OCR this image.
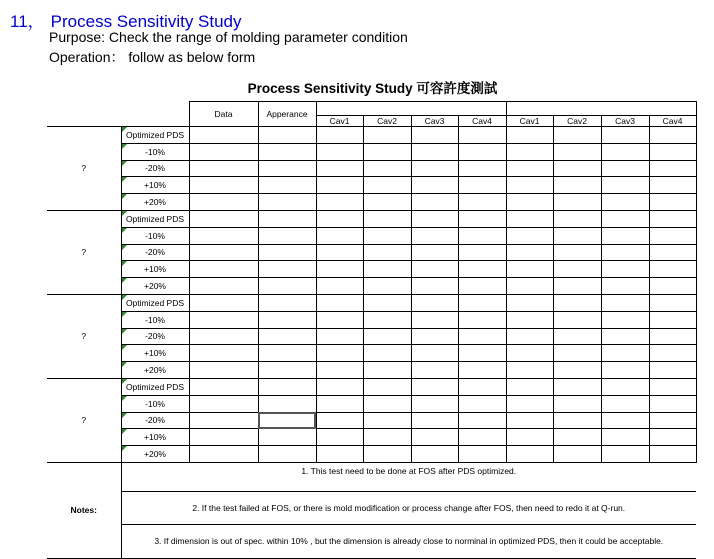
11， Process Sensitivity Study
Purpose: Check the range of molding parameter condition
Operation： follow as below form
Process Sensitivity Study 可容許度測試
		Data	Apperance								
				Cav1	Cav2	Cav3	Cav4	Cav1	Cav2	Cav3	Cav4
?	Optimized PDS										
	-10%										
	-20%										
	+10%										
	+20%										
?	Optimized PDS										
	-10%										
	-20%										
	+10%										
	+20%										
?	Optimized PDS										
	-10%										
	-20%										
	+10%										
	+20%										
?	Optimized PDS										
	-10%										
	-20%										
	+10%										
	+20%										
Notes:	1. This test need to be done at FOS after PDS optimized.										
	2. If the test failed at FOS, or there is mold modification or process change after FOS, then need to redo it at Q-run.										
	3. If dimension is out of spec. within 10% , but the dimension is already close to norminal in optimized PDS, then it could be acceptable.										
